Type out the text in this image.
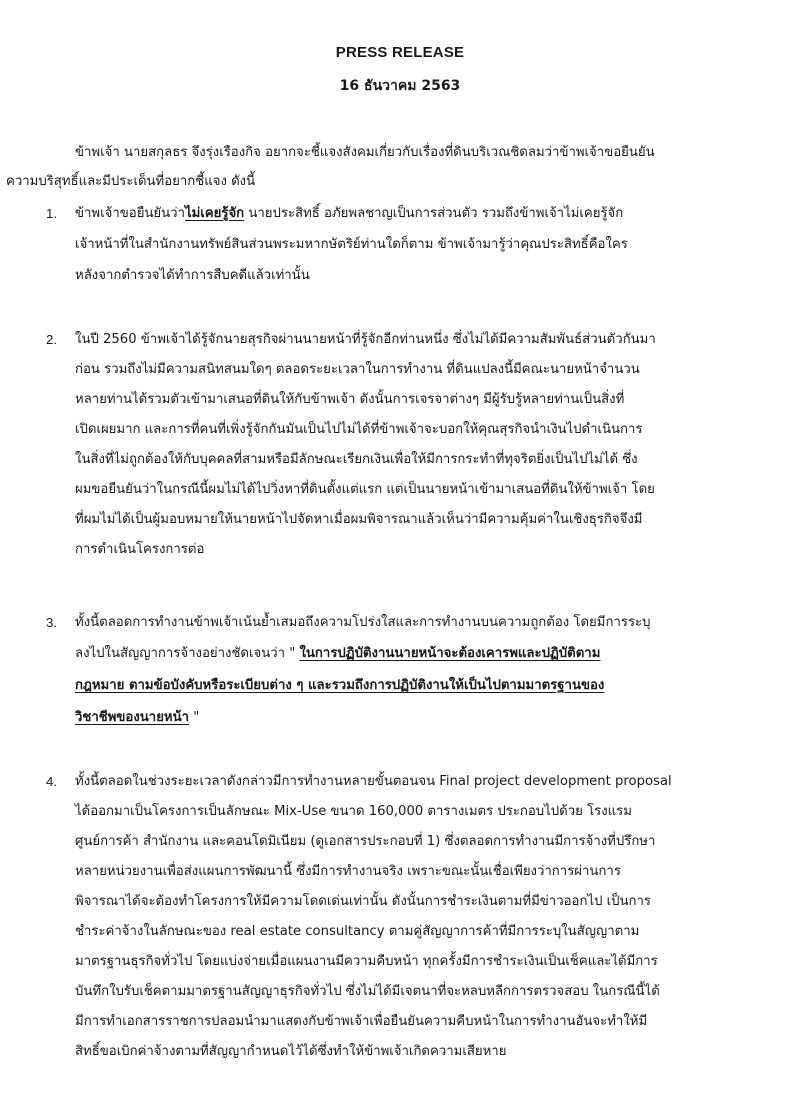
PRESS RELEASE
16 ธันวาคม 2563
ข้าพเจ้า นายสกุลธร จึงรุ่งเรืองกิจ อยากจะชี้แจงสังคมเกี่ยวกับเรื่องที่ดินบริเวณชิดลมว่าข้าพเจ้าขอยืนยัน
ความบริสุทธิ์และมีประเด็นที่อยากชี้แจง ดังนี้
1. ข้าพเจ้าขอยืนยันว่าไม่เคยรู้จัก นายประสิทธิ์ อภัยพลชาญเป็นการส่วนตัว รวมถึงข้าพเจ้าไม่เคยรู้จัก
เจ้าหน้าที่ในสำนักงานทรัพย์สินส่วนพระมหากษัตริย์ท่านใดก็ตาม ข้าพเจ้ามารู้ว่าคุณประสิทธิ์คือใคร
หลังจากตำรวจได้ทำการสืบคดีแล้วเท่านั้น
2. ในปี 2560 ข้าพเจ้าได้รู้จักนายสุรกิจผ่านนายหน้าที่รู้จักอีกท่านหนึ่ง ซึ่งไม่ได้มีความสัมพันธ์ส่วนตัวกันมา
ก่อน รวมถึงไม่มีความสนิทสนมใดๆ ตลอดระยะเวลาในการทำงาน ที่ดินแปลงนี้มีคณะนายหน้าจำนวน
หลายท่านได้รวมตัวเข้ามาเสนอที่ดินให้กับข้าพเจ้า ดังนั้นการเจรจาต่างๆ มีผู้รับรู้หลายท่านเป็นสิ่งที่
เปิดเผยมาก และการที่คนที่เพิ่งรู้จักกันมันเป็นไปไม่ได้ที่ข้าพเจ้าจะบอกให้คุณสุรกิจนำเงินไปดำเนินการ
ในสิ่งที่ไม่ถูกต้องให้กับบุคคลที่สามหรือมีลักษณะเรียกเงินเพื่อให้มีการกระทำที่ทุจริตยิ่งเป็นไปไม่ได้ ซึ่ง
ผมขอยืนยันว่าในกรณีนี้ผมไม่ได้ไปวิ่งหาที่ดินตั้งแต่แรก แต่เป็นนายหน้าเข้ามาเสนอที่ดินให้ข้าพเจ้า โดย
ที่ผมไม่ได้เป็นผู้มอบหมายให้นายหน้าไปจัดหาเมื่อผมพิจารณาแล้วเห็นว่ามีความคุ้มค่าในเชิงธุรกิจจึงมี
การดำเนินโครงการต่อ
3. ทั้งนี้ตลอดการทำงานข้าพเจ้าเน้นย้ำเสมอถึงความโปร่งใสและการทำงานบนความถูกต้อง โดยมีการระบุ
ลงไปในสัญญาการจ้างอย่างชัดเจนว่า " ในการปฏิบัติงานนายหน้าจะต้องเคารพและปฏิบัติตาม
กฎหมาย ตามข้อบังคับหรือระเบียบต่าง ๆ และรวมถึงการปฏิบัติงานให้เป็นไปตามมาตรฐานของ
วิชาชีพของนายหน้า "
4. ทั้งนี้ตลอดในช่วงระยะเวลาดังกล่าวมีการทำงานหลายขั้นตอนจน Final project development proposal
ได้ออกมาเป็นโครงการเป็นลักษณะ Mix-Use ขนาด 160,000 ตารางเมตร ประกอบไปด้วย โรงแรม
ศูนย์การค้า สำนักงาน และคอนโดมิเนียม (ดูเอกสารประกอบที่ 1) ซึ่งตลอดการทำงานมีการจ้างที่ปรึกษา
หลายหน่วยงานเพื่อส่งแผนการพัฒนานี้ ซึ่งมีการทำงานจริง เพราะขณะนั้นเชื่อเพียงว่าการผ่านการ
พิจารณาได้จะต้องทำโครงการให้มีความโดดเด่นเท่านั้น ดังนั้นการชำระเงินตามที่มีข่าวออกไป เป็นการ
ชำระค่าจ้างในลักษณะของ real estate consultancy ตามคู่สัญญาการค้าที่มีการระบุในสัญญาตาม
มาตรฐานธุรกิจทั่วไป โดยแบ่งจ่ายเมื่อแผนงานมีความคืบหน้า ทุกครั้งมีการชำระเงินเป็นเช็คและได้มีการ
บันทึกใบรับเช็คตามมาตรฐานสัญญาธุรกิจทั่วไป ซึ่งไม่ได้มีเจตนาที่จะหลบหลีกการตรวจสอบ ในกรณีนี้ได้
มีการทำเอกสารราชการปลอมนำมาแสดงกับข้าพเจ้าเพื่อยืนยันความคืบหน้าในการทำงานอันจะทำให้มี
สิทธิ์ขอเบิกค่าจ้างตามที่สัญญากำหนดไว้ได้ซึ่งทำให้ข้าพเจ้าเกิดความเสียหาย
